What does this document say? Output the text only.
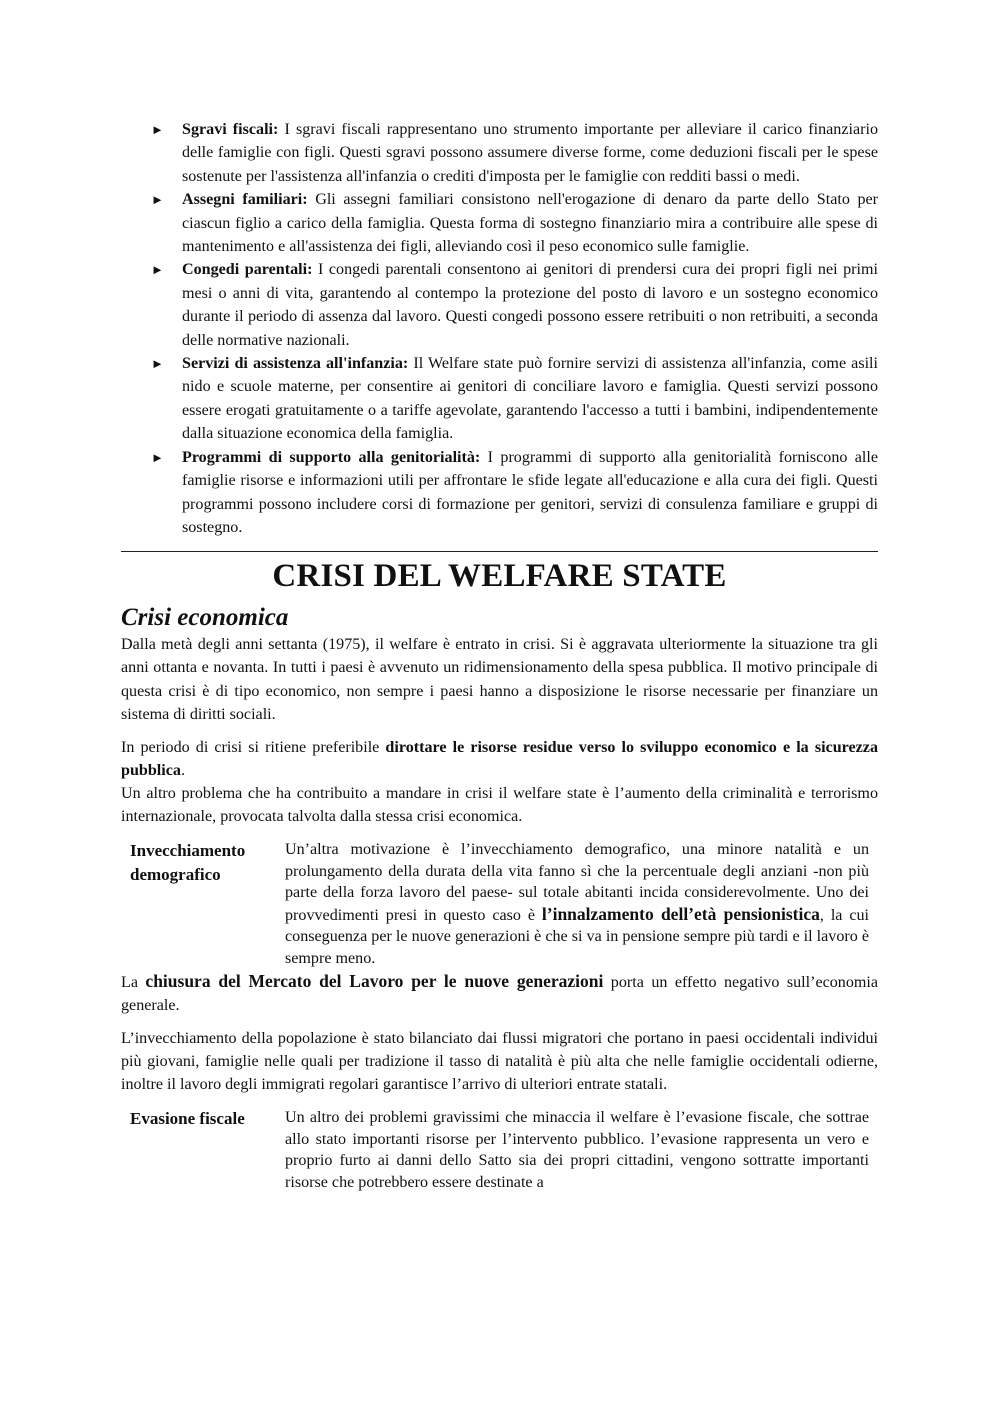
► Sgravi fiscali: I sgravi fiscali rappresentano uno strumento importante per alleviare il carico finanziario delle famiglie con figli. Questi sgravi possono assumere diverse forme, come deduzioni fiscali per le spese sostenute per l'assistenza all'infanzia o crediti d'imposta per le famiglie con redditi bassi o medi.
► Assegni familiari: Gli assegni familiari consistono nell'erogazione di denaro da parte dello Stato per ciascun figlio a carico della famiglia. Questa forma di sostegno finanziario mira a contribuire alle spese di mantenimento e all'assistenza dei figli, alleviando così il peso economico sulle famiglie.
► Congedi parentali: I congedi parentali consentono ai genitori di prendersi cura dei propri figli nei primi mesi o anni di vita, garantendo al contempo la protezione del posto di lavoro e un sostegno economico durante il periodo di assenza dal lavoro. Questi congedi possono essere retribuiti o non retribuiti, a seconda delle normative nazionali.
► Servizi di assistenza all'infanzia: Il Welfare state può fornire servizi di assistenza all'infanzia, come asili nido e scuole materne, per consentire ai genitori di conciliare lavoro e famiglia. Questi servizi possono essere erogati gratuitamente o a tariffe agevolate, garantendo l'accesso a tutti i bambini, indipendentemente dalla situazione economica della famiglia.
► Programmi di supporto alla genitorialità: I programmi di supporto alla genitorialità forniscono alle famiglie risorse e informazioni utili per affrontare le sfide legate all'educazione e alla cura dei figli. Questi programmi possono includere corsi di formazione per genitori, servizi di consulenza familiare e gruppi di sostegno.
CRISI DEL WELFARE STATE
Crisi economica

Dalla metà degli anni settanta (1975), il welfare è entrato in crisi. Si è aggravata ulteriormente la situazione tra gli anni ottanta e novanta. In tutti i paesi è avvenuto un ridimensionamento della spesa pubblica. Il motivo principale di questa crisi è di tipo economico, non sempre i paesi hanno a disposizione le risorse necessarie per finanziare un sistema di diritti sociali.

In periodo di crisi si ritiene preferibile dirottare le risorse residue verso lo sviluppo economico e la sicurezza pubblica.

Un altro problema che ha contribuito a mandare in crisi il welfare state è l’aumento della criminalità e terrorismo internazionale, provocata talvolta dalla stessa crisi economica.

Invecchiamento
demografico
Un’altra motivazione è l’invecchiamento demografico, una minore natalità e un prolungamento della durata della vita fanno sì che la percentuale degli anziani -non più parte della forza lavoro del paese- sul totale abitanti incida considerevolmente. Uno dei provvedimenti presi in questo caso è l’innalzamento dell’età pensionistica, la cui conseguenza per le nuove generazioni è che si va in pensione sempre più tardi e il lavoro è sempre meno.

La chiusura del Mercato del Lavoro per le nuove generazioni porta un effetto negativo sull’economia generale.

L’invecchiamento della popolazione è stato bilanciato dai flussi migratori che portano in paesi occidentali individui più giovani, famiglie nelle quali per tradizione il tasso di natalità è più alta che nelle famiglie occidentali odierne, inoltre il lavoro degli immigrati regolari garantisce l’arrivo di ulteriori entrate statali.

Evasione fiscale	Un altro dei problemi gravissimi che minaccia il welfare è l’evasione fiscale, che sottrae allo stato importanti risorse per l’intervento pubblico. l’evasione rappresenta un vero e proprio furto ai danni dello Satto sia dei propri cittadini, vengono sottratte importanti risorse che potrebbero essere destinate a
